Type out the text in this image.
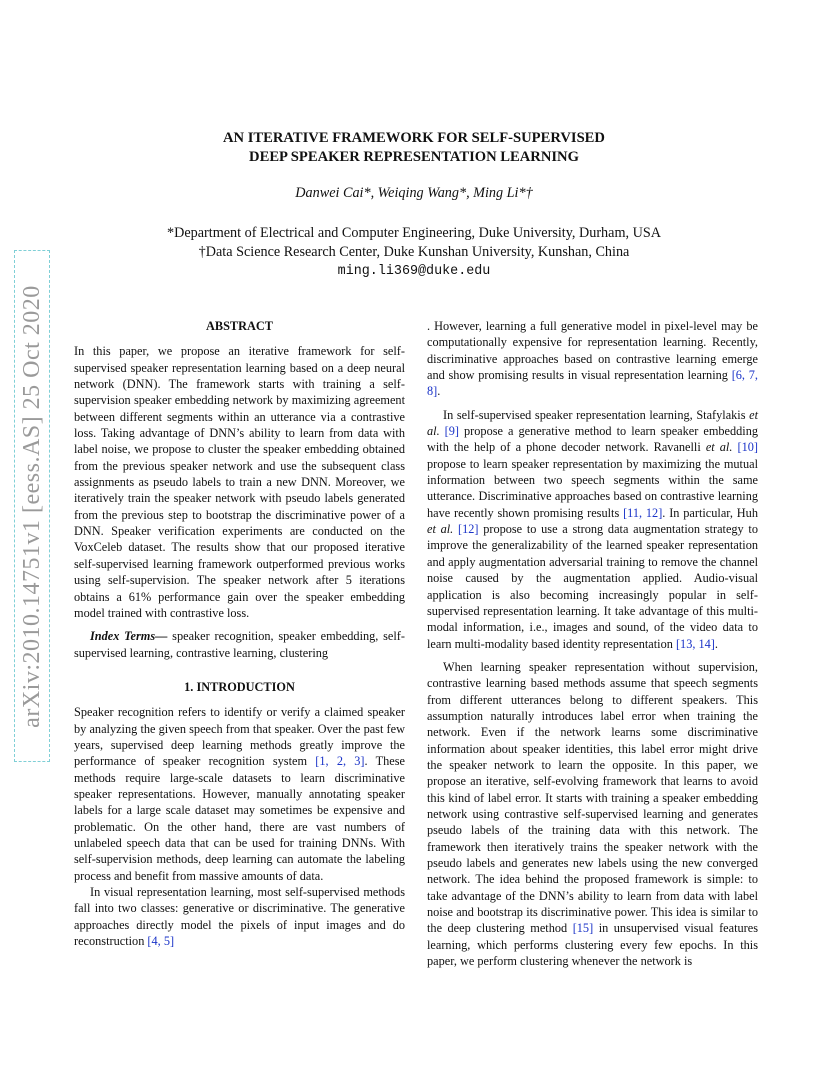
arXiv:2010.14751v1 [eess.AS] 25 Oct 2020
AN ITERATIVE FRAMEWORK FOR SELF-SUPERVISED
DEEP SPEAKER REPRESENTATION LEARNING
Danwei Cai*, Weiqing Wang*, Ming Li*†
*Department of Electrical and Computer Engineering, Duke University, Durham, USA
†Data Science Research Center, Duke Kunshan University, Kunshan, China
ming.li369@duke.edu
ABSTRACT

In this paper, we propose an iterative framework for self-supervised speaker representation learning based on a deep neural network (DNN). The framework starts with training a self-supervision speaker embedding network by maximizing agreement between different segments within an utterance via a contrastive loss. Taking advantage of DNN’s ability to learn from data with label noise, we propose to cluster the speaker embedding obtained from the previous speaker network and use the subsequent class assignments as pseudo labels to train a new DNN. Moreover, we iteratively train the speaker network with pseudo labels generated from the previous step to bootstrap the discriminative power of a DNN. Speaker verification experiments are conducted on the VoxCeleb dataset. The results show that our proposed iterative self-supervised learning framework outperformed previous works using self-supervision. The speaker network after 5 iterations obtains a 61% performance gain over the speaker embedding model trained with contrastive loss.

Index Terms— speaker recognition, speaker embedding, self-supervised learning, contrastive learning, clustering

1. INTRODUCTION

Speaker recognition refers to identify or verify a claimed speaker by analyzing the given speech from that speaker. Over the past few years, supervised deep learning methods greatly improve the performance of speaker recognition system [1, 2, 3]. These methods require large-scale datasets to learn discriminative speaker representations. However, manually annotating speaker labels for a large scale dataset may sometimes be expensive and problematic. On the other hand, there are vast numbers of unlabeled speech data that can be used for training DNNs. With self-supervision methods, deep learning can automate the labeling process and benefit from massive amounts of data.

In visual representation learning, most self-supervised methods fall into two classes: generative or discriminative. The generative approaches directly model the pixels of input images and do reconstruction [4, 5]

. However, learning a full generative model in pixel-level may be computationally expensive for representation learning. Recently, discriminative approaches based on contrastive learning emerge and show promising results in visual representation learning [6, 7, 8].

In self-supervised speaker representation learning, Stafylakis et al. [9] propose a generative method to learn speaker embedding with the help of a phone decoder network. Ravanelli et al. [10] propose to learn speaker representation by maximizing the mutual information between two speech segments within the same utterance. Discriminative approaches based on contrastive learning have recently shown promising results [11, 12]. In particular, Huh et al. [12] propose to use a strong data augmentation strategy to improve the generalizability of the learned speaker representation and apply augmentation adversarial training to remove the channel noise caused by the augmentation applied. Audio-visual application is also becoming increasingly popular in self-supervised representation learning. It take advantage of this multi-modal information, i.e., images and sound, of the video data to learn multi-modality based identity representation [13, 14].

When learning speaker representation without supervision, contrastive learning based methods assume that speech segments from different utterances belong to different speakers. This assumption naturally introduces label error when training the network. Even if the network learns some discriminative information about speaker identities, this label error might drive the speaker network to learn the opposite. In this paper, we propose an iterative, self-evolving framework that learns to avoid this kind of label error. It starts with training a speaker embedding network using contrastive self-supervised learning and generates pseudo labels of the training data with this network. The framework then iteratively trains the speaker network with the pseudo labels and generates new labels using the new converged network. The idea behind the proposed framework is simple: to take advantage of the DNN’s ability to learn from data with label noise and bootstrap its discriminative power. This idea is similar to the deep clustering method [15] in unsupervised visual features learning, which performs clustering every few epochs. In this paper, we perform clustering whenever the network is
